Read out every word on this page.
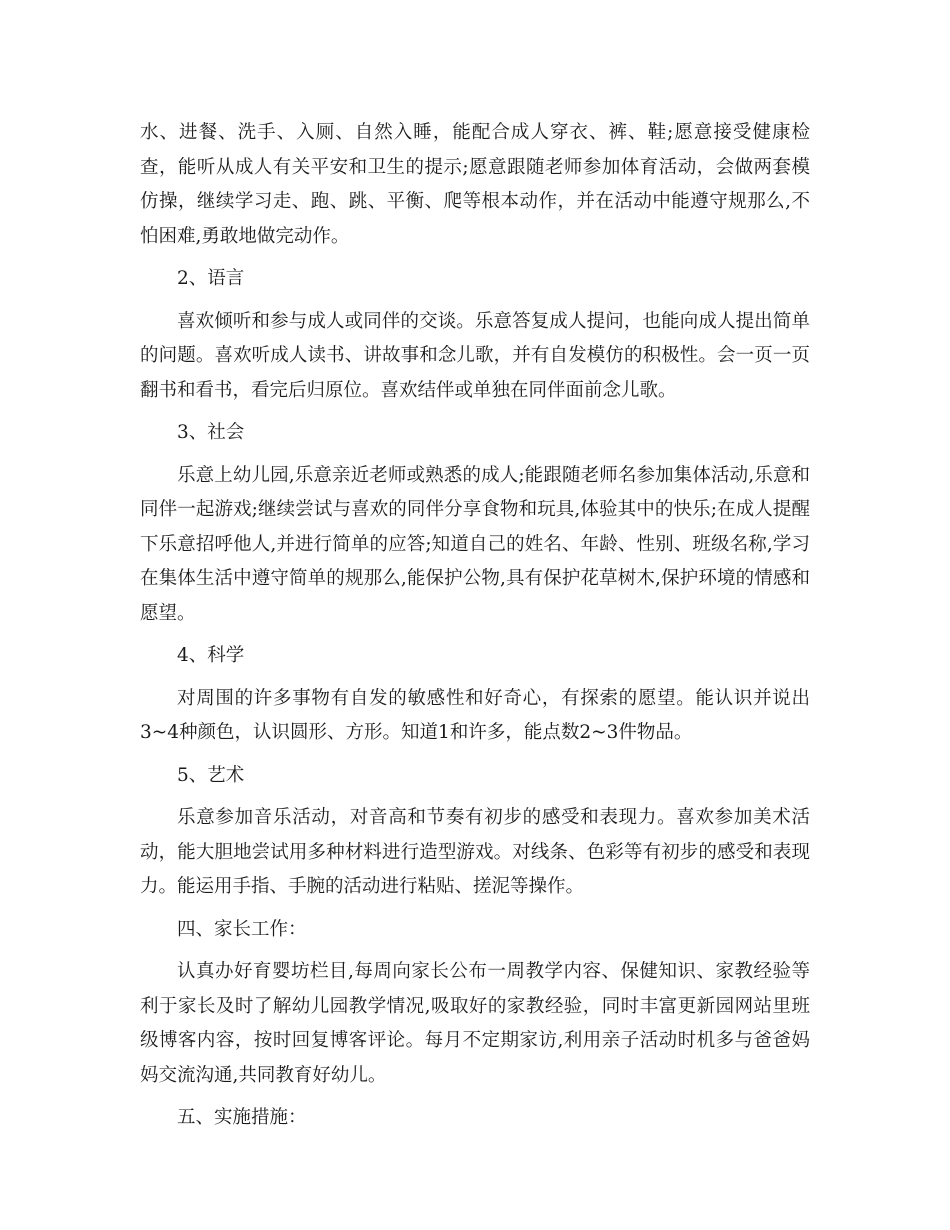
水、进餐、洗手、入厕、自然入睡，能配合成人穿衣、裤、鞋;愿意接受健康检查，能听从成人有关平安和卫生的提示;愿意跟随老师参加体育活动，会做两套模仿操，继续学习走、跑、跳、平衡、爬等根本动作，并在活动中能遵守规那么,不怕困难,勇敢地做完动作。

2、语言

喜欢倾听和参与成人或同伴的交谈。乐意答复成人提问，也能向成人提出简单的问题。喜欢听成人读书、讲故事和念儿歌，并有自发模仿的积极性。会一页一页翻书和看书，看完后归原位。喜欢结伴或单独在同伴面前念儿歌。

3、社会

乐意上幼儿园,乐意亲近老师或熟悉的成人;能跟随老师名参加集体活动,乐意和同伴一起游戏;继续尝试与喜欢的同伴分享食物和玩具,体验其中的快乐;在成人提醒下乐意招呼他人,并进行简单的应答;知道自己的姓名、年龄、性别、班级名称,学习在集体生活中遵守简单的规那么,能保护公物,具有保护花草树木,保护环境的情感和愿望。

4、科学

对周围的许多事物有自发的敏感性和好奇心，有探索的愿望。能认识并说出3~4种颜色，认识圆形、方形。知道1和许多，能点数2~3件物品。

5、艺术

乐意参加音乐活动，对音高和节奏有初步的感受和表现力。喜欢参加美术活动，能大胆地尝试用多种材料进行造型游戏。对线条、色彩等有初步的感受和表现力。能运用手指、手腕的活动进行粘贴、搓泥等操作。

四、家长工作：

认真办好育婴坊栏目,每周向家长公布一周教学内容、保健知识、家教经验等利于家长及时了解幼儿园教学情况,吸取好的家教经验，同时丰富更新园网站里班级博客内容，按时回复博客评论。每月不定期家访,利用亲子活动时机多与爸爸妈妈交流沟通,共同教育好幼儿。

五、实施措施：
